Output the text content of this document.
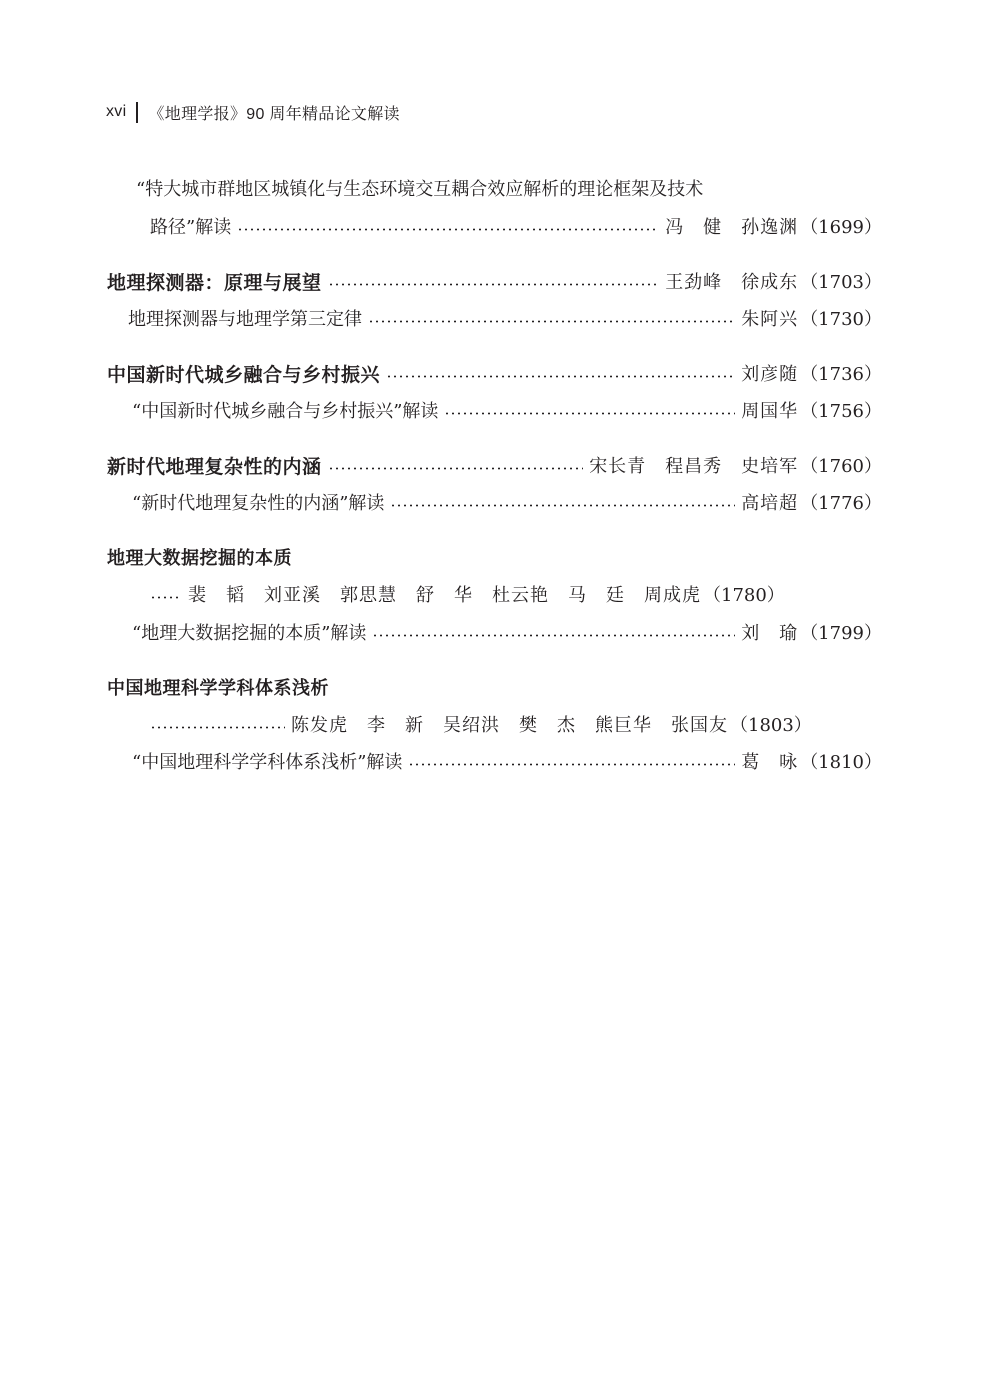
xvi 《地理学报》90 周年精品论文解读
“特大城市群地区城镇化与生态环境交互耦合效应解析的理论框架及技术
路径”解读	冯　健　孙逸渊 （1699）
地理探测器：原理与展望	王劲峰　徐成东 （1703）
地理探测器与地理学第三定律	朱阿兴 （1730）
中国新时代城乡融合与乡村振兴	刘彦随 （1736）
“中国新时代城乡融合与乡村振兴”解读	周国华 （1756）
新时代地理复杂性的内涵	宋长青　程昌秀　史培军 （1760）
“新时代地理复杂性的内涵”解读	高培超 （1776）
地理大数据挖掘的本质
裴　韬　刘亚溪　郭思慧　舒　华　杜云艳　马　廷　周成虎 （1780）
“地理大数据挖掘的本质”解读	刘　瑜 （1799）
中国地理科学学科体系浅析
陈发虎　李　新　吴绍洪　樊　杰　熊巨华　张国友 （1803）
“中国地理科学学科体系浅析”解读	葛　咏 （1810）
